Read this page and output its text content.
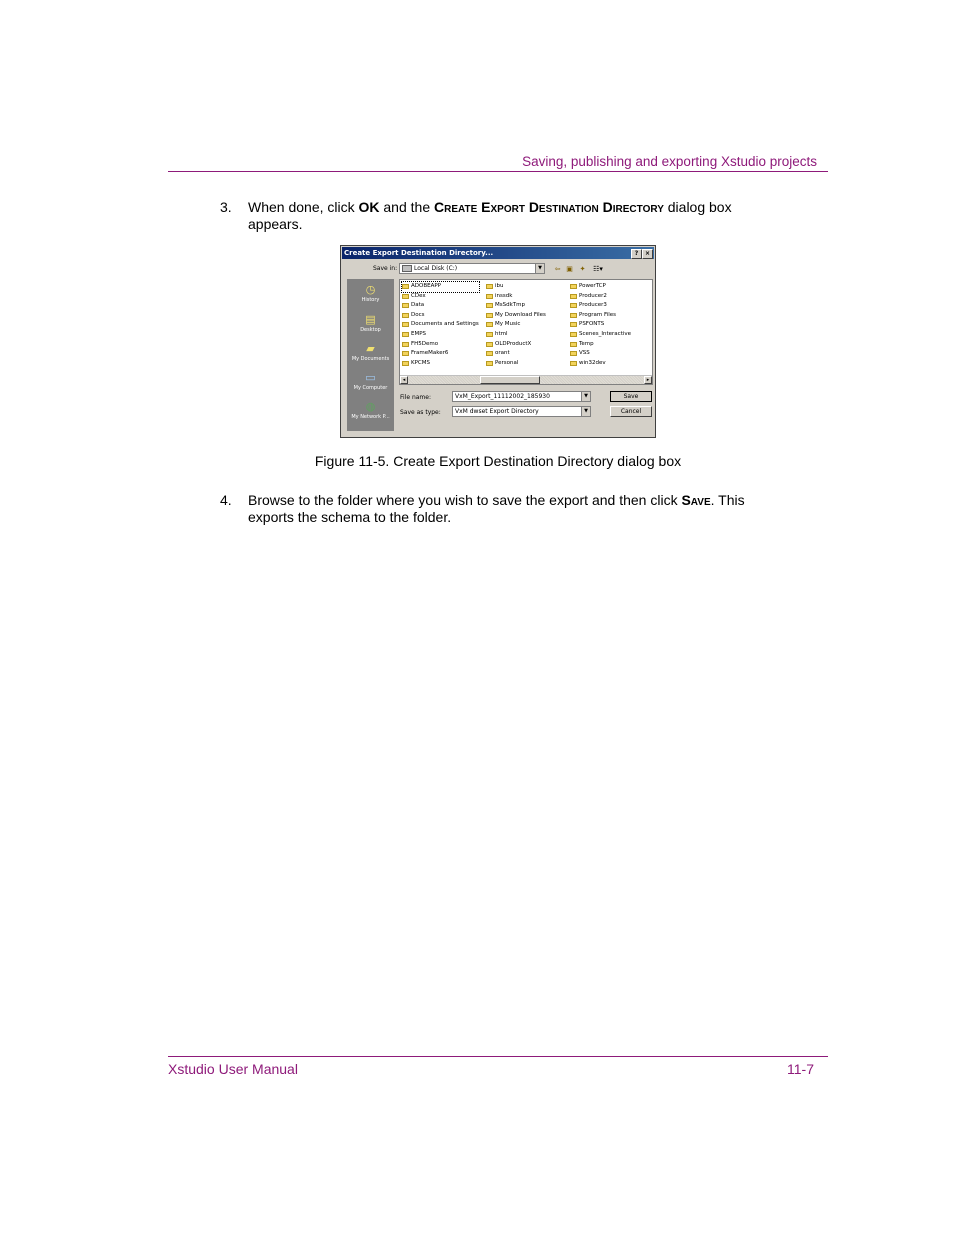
Saving, publishing and exporting Xstudio projects
3. When done, click OK and the Create Export Destination Directory dialog box appears.
Create Export Destination Directory...	?	×
Save in:	Local Disk (C:)	▼ ⇦ ▣ ✦ ☷▾
◷
History
▤
Desktop
▰
My Documents
▭
My Computer
◍
My Network P...
ADOBEAPP
CDex
Data
Docs
Documents and Settings
EMPS
FH5Demo
FrameMaker6
KPCMS
ibu
inssdk
MsSdkTmp
My Download Files
My Music
html
OLDProductX
orant
Personal
PowerTCP
Producer2
Producer3
Program Files
PSFONTS
Scenes_Interactive
Temp
VSS
win32dev
◂	▸
File name:	VxM_Export_11112002_185930	▼
Save as type:	VxM dwset Export Directory	▼
Save
Cancel
Figure 11-5. Create Export Destination Directory dialog box
4. Browse to the folder where you wish to save the export and then click Save. This exports the schema to the folder.
Xstudio User Manual	11-7
